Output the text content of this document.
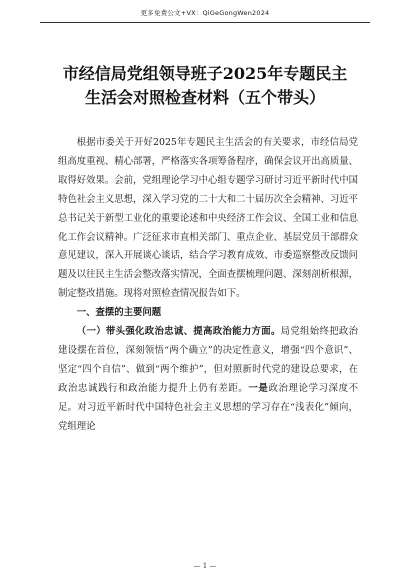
更多免费公文+VX：QiGeGongWen2024
市经信局党组领导班子2025年专题民主
生活会对照检查材料（五个带头）

根据市委关于开好2025年专题民主生活会的有关要求，市经信局党组高度重视、精心部署，严格落实各项筹备程序，确保会议开出高质量、取得好效果。会前，党组理论学习中心组专题学习研讨习近平新时代中国特色社会主义思想，深入学习党的二十大和二十届历次全会精神、习近平总书记关于新型工业化的重要论述和中央经济工作会议、全国工业和信息化工作会议精神。广泛征求市直相关部门、重点企业、基层党员干部群众意见建议，深入开展谈心谈话，结合学习教育成效、市委巡察整改反馈问题及以往民主生活会整改落实情况，全面查摆梳理问题、深刻剖析根源，制定整改措施。现将对照检查情况报告如下。

一、查摆的主要问题

（一）带头强化政治忠诚、提高政治能力方面。局党组始终把政治建设摆在首位，深刻领悟“两个确立”的决定性意义，增强“四个意识”、坚定“四个自信”、做到“两个维护”，但对照新时代党的建设总要求，在政治忠诚践行和政治能力提升上仍有差距。一是政治理论学习深度不足。对习近平新时代中国特色社会主义思想的学习存在“浅表化”倾向，党组理论

— 1 —
